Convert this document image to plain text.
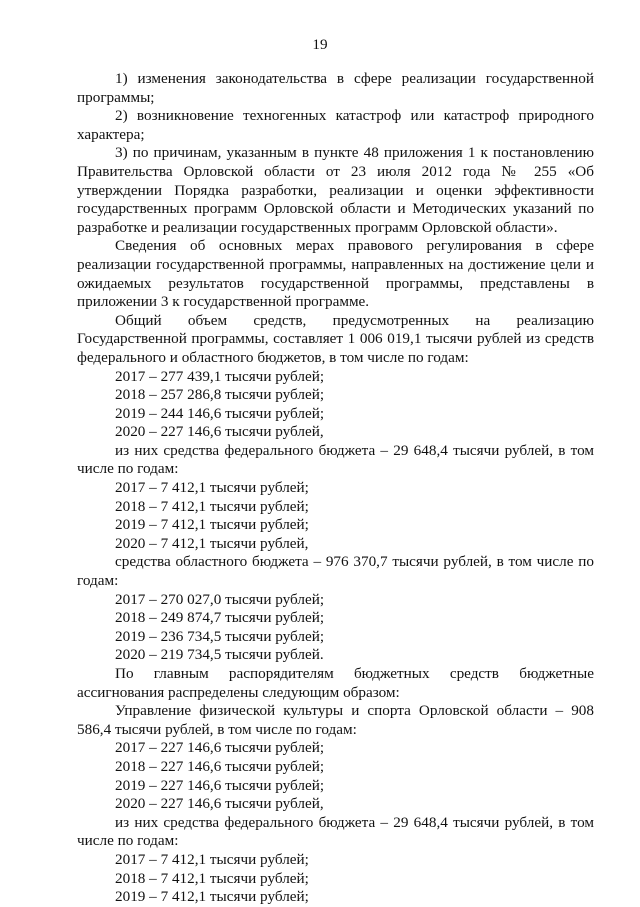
19

1) изменения законодательства в сфере реализации государственной программы;

2) возникновение техногенных катастроф или катастроф природного характера;

3) по причинам, указанным в пункте 48 приложения 1 к постановлению Правительства Орловской области от 23 июля 2012 года № 255 «Об утверждении Порядка разработки, реализации и оценки эффективности государственных программ Орловской области и Методических указаний по разработке и реализации государственных программ Орловской области».

Сведения об основных мерах правового регулирования в сфере реализации государственной программы, направленных на достижение цели и ожидаемых результатов государственной программы, представлены в приложении 3 к государственной программе.

Общий объем средств, предусмотренных на реализацию Государственной программы, составляет 1 006 019,1 тысячи рублей из средств федерального и областного бюджетов, в том числе по годам:

2017 – 277 439,1 тысячи рублей;

2018 – 257 286,8 тысячи рублей;

2019 – 244 146,6 тысячи рублей;

2020 – 227 146,6 тысячи рублей,

из них средства федерального бюджета – 29 648,4 тысячи рублей, в том числе по годам:

2017 – 7 412,1 тысячи рублей;

2018 – 7 412,1 тысячи рублей;

2019 – 7 412,1 тысячи рублей;

2020 – 7 412,1 тысячи рублей,

средства областного бюджета – 976 370,7 тысячи рублей, в том числе по годам:

2017 – 270 027,0 тысячи рублей;

2018 – 249 874,7 тысячи рублей;

2019 – 236 734,5 тысячи рублей;

2020 – 219 734,5 тысячи рублей.

По главным распорядителям бюджетных средств бюджетные ассигнования распределены следующим образом:

Управление физической культуры и спорта Орловской области – 908 586,4 тысячи рублей, в том числе по годам:

2017 – 227 146,6 тысячи рублей;

2018 – 227 146,6 тысячи рублей;

2019 – 227 146,6 тысячи рублей;

2020 – 227 146,6 тысячи рублей,

из них средства федерального бюджета – 29 648,4 тысячи рублей, в том числе по годам:

2017 – 7 412,1 тысячи рублей;

2018 – 7 412,1 тысячи рублей;

2019 – 7 412,1 тысячи рублей;
